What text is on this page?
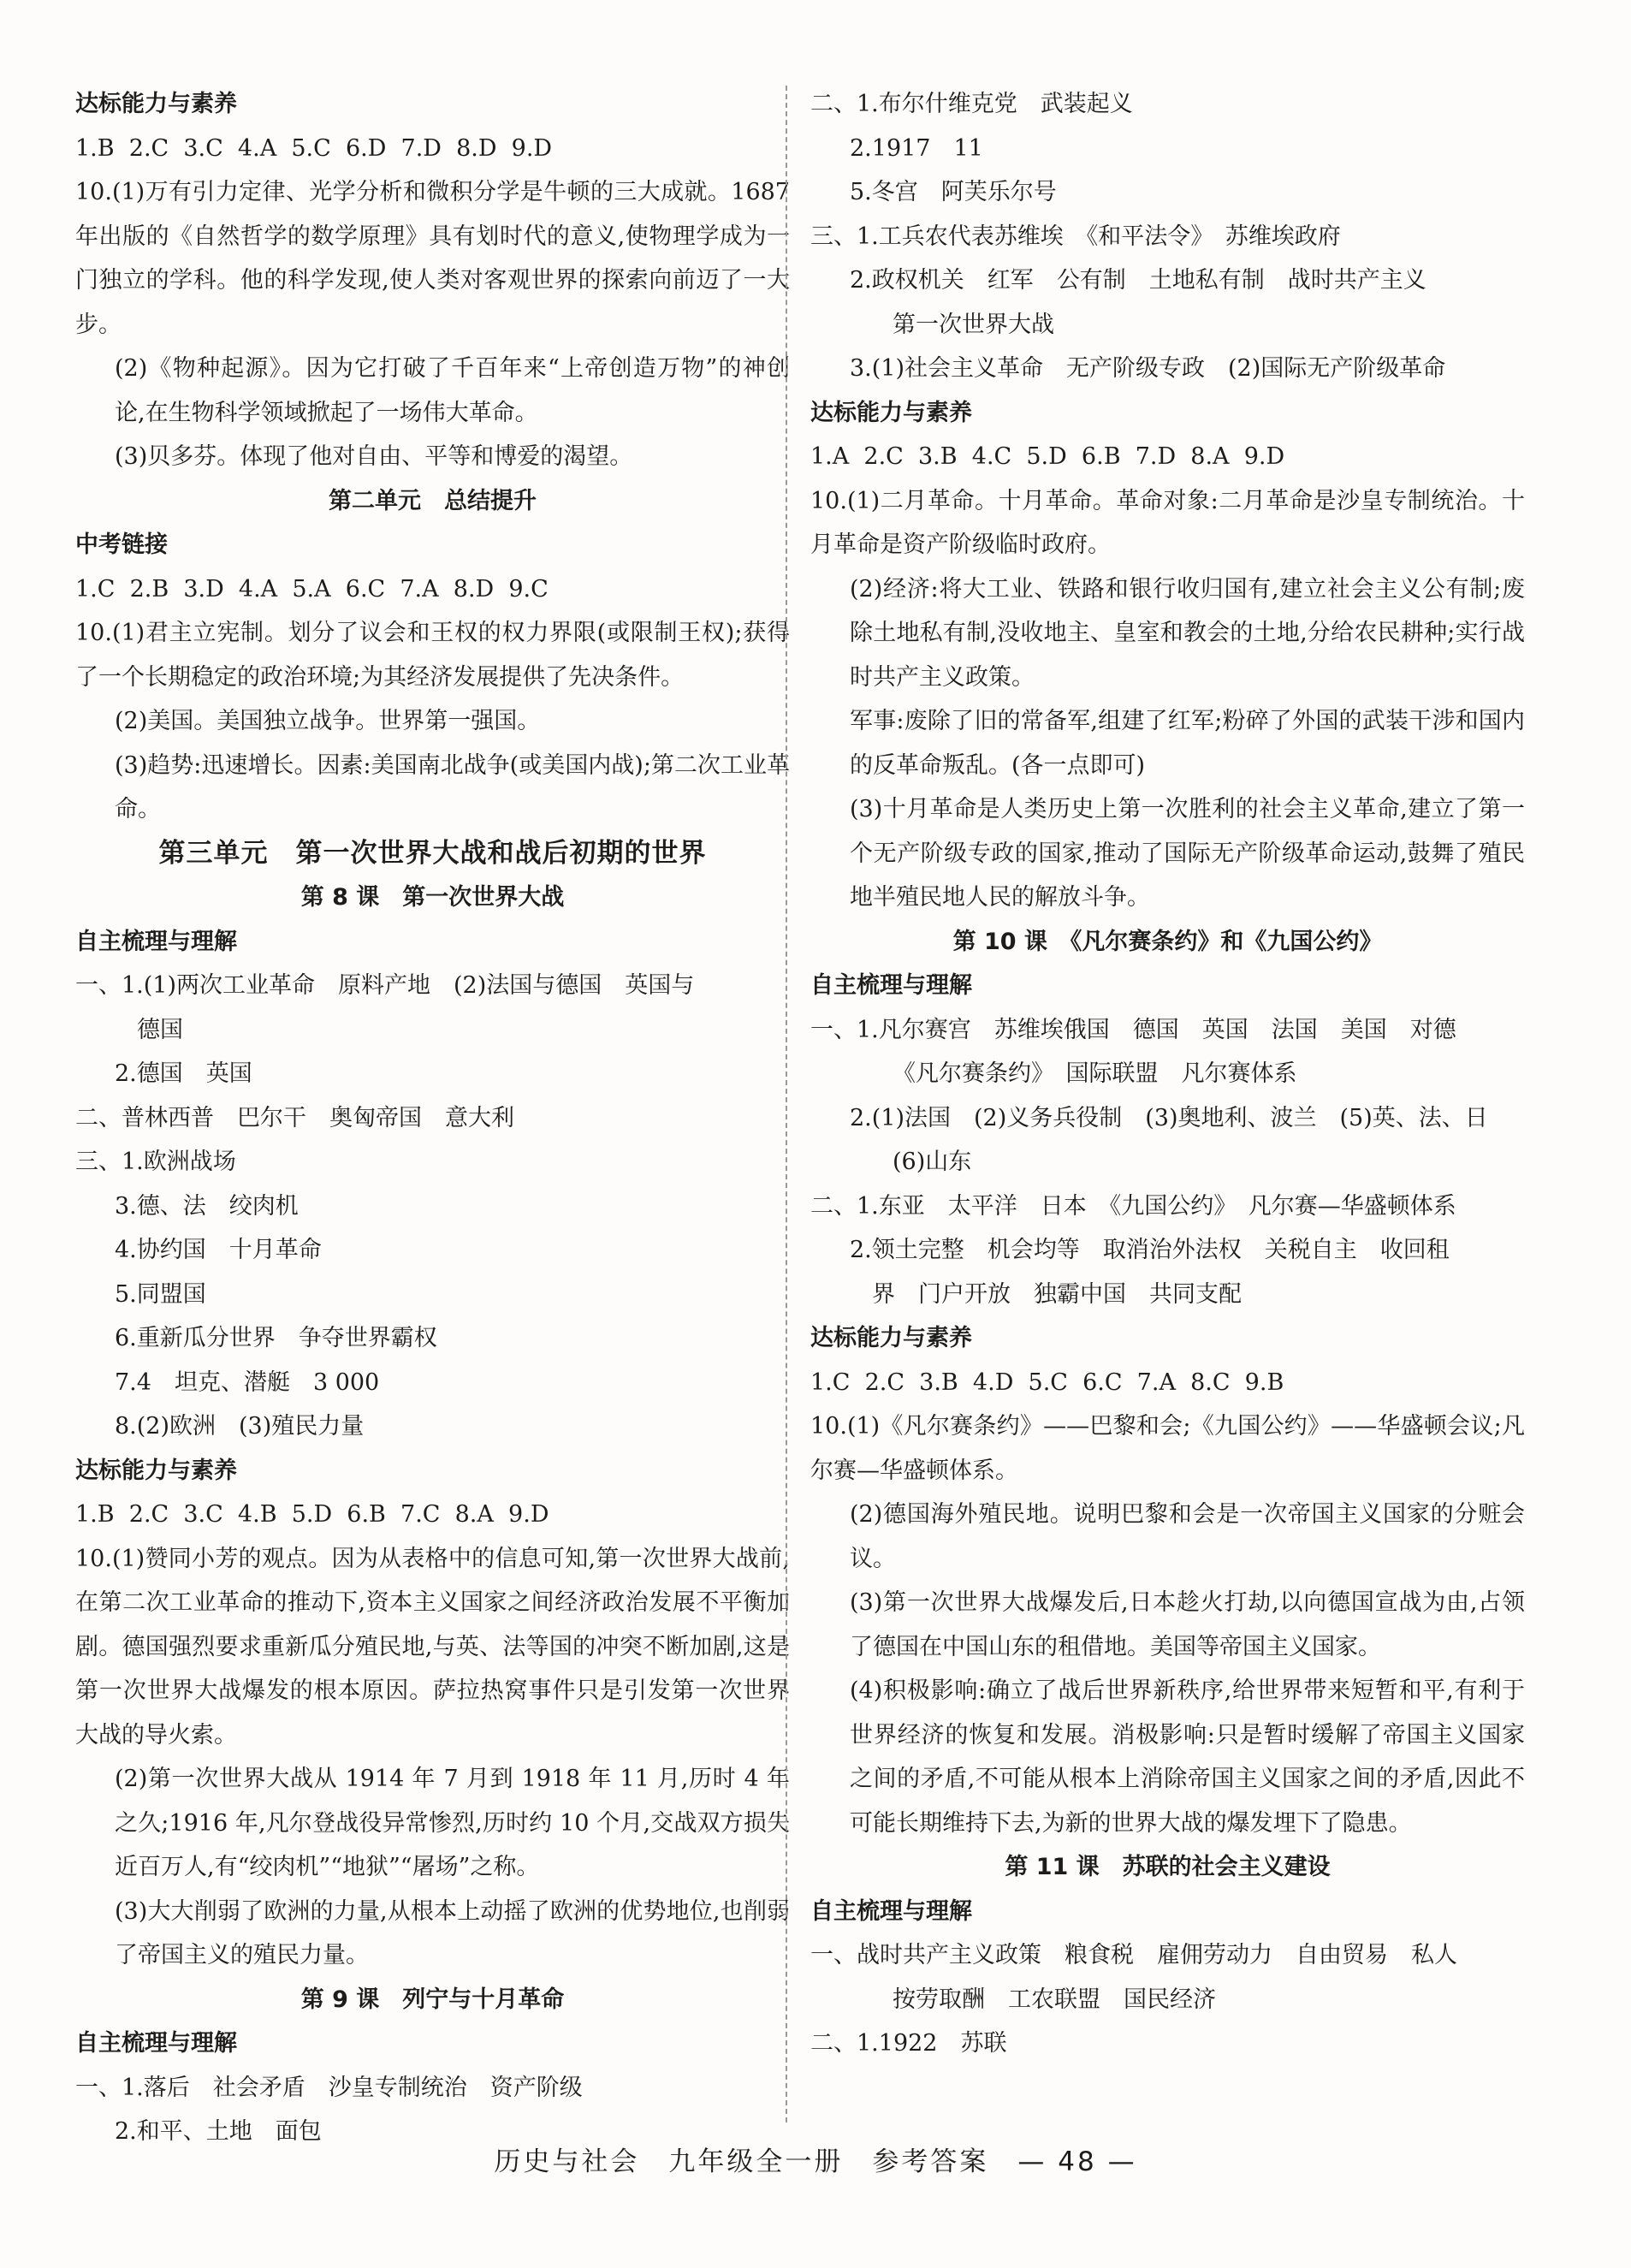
达标能力与素养
1.B  2.C  3.C  4.A  5.C  6.D  7.D  8.D  9.D
10.(1)万有引力定律、光学分析和微积分学是牛顿的三大成就。1687 年出版的《自然哲学的数学原理》具有划时代的意义,使物理学成为一门独立的学科。他的科学发现,使人类对客观世界的探索向前迈了一大步。
(2)《物种起源》。因为它打破了千百年来“上帝创造万物”的神创论,在生物科学领域掀起了一场伟大革命。
(3)贝多芬。体现了他对自由、平等和博爱的渴望。
第二单元　总结提升
中考链接
1.C  2.B  3.D  4.A  5.A  6.C  7.A  8.D  9.C
10.(1)君主立宪制。划分了议会和王权的权力界限(或限制王权);获得了一个长期稳定的政治环境;为其经济发展提供了先决条件。
(2)美国。美国独立战争。世界第一强国。
(3)趋势:迅速增长。因素:美国南北战争(或美国内战);第二次工业革命。
第三单元　第一次世界大战和战后初期的世界
第 8 课　第一次世界大战
自主梳理与理解
一、1.(1)两次工业革命　原料产地　(2)法国与德国　英国与
德国
2.德国　英国
二、普林西普　巴尔干　奥匈帝国　意大利
三、1.欧洲战场
3.德、法　绞肉机
4.协约国　十月革命
5.同盟国
6.重新瓜分世界　争夺世界霸权
7.4　坦克、潜艇　3 000
8.(2)欧洲　(3)殖民力量
达标能力与素养
1.B  2.C  3.C  4.B  5.D  6.B  7.C  8.A  9.D
10.(1)赞同小芳的观点。因为从表格中的信息可知,第一次世界大战前,在第二次工业革命的推动下,资本主义国家之间经济政治发展不平衡加剧。德国强烈要求重新瓜分殖民地,与英、法等国的冲突不断加剧,这是第一次世界大战爆发的根本原因。萨拉热窝事件只是引发第一次世界大战的导火索。
(2)第一次世界大战从 1914 年 7 月到 1918 年 11 月,历时 4 年之久;1916 年,凡尔登战役异常惨烈,历时约 10 个月,交战双方损失近百万人,有“绞肉机”“地狱”“屠场”之称。
(3)大大削弱了欧洲的力量,从根本上动摇了欧洲的优势地位,也削弱了帝国主义的殖民力量。
第 9 课　列宁与十月革命
自主梳理与理解
一、1.落后　社会矛盾　沙皇专制统治　资产阶级
2.和平、土地　面包
二、1.布尔什维克党　武装起义
2.1917　11
5.冬宫　阿芙乐尔号
三、1.工兵农代表苏维埃　《和平法令》　苏维埃政府
2.政权机关　红军　公有制　土地私有制　战时共产主义
第一次世界大战
3.(1)社会主义革命　无产阶级专政　(2)国际无产阶级革命
达标能力与素养
1.A  2.C  3.B  4.C  5.D  6.B  7.D  8.A  9.D
10.(1)二月革命。十月革命。革命对象:二月革命是沙皇专制统治。十月革命是资产阶级临时政府。
(2)经济:将大工业、铁路和银行收归国有,建立社会主义公有制;废除土地私有制,没收地主、皇室和教会的土地,分给农民耕种;实行战时共产主义政策。
军事:废除了旧的常备军,组建了红军;粉碎了外国的武装干涉和国内的反革命叛乱。(各一点即可)
(3)十月革命是人类历史上第一次胜利的社会主义革命,建立了第一个无产阶级专政的国家,推动了国际无产阶级革命运动,鼓舞了殖民地半殖民地人民的解放斗争。
第 10 课　《凡尔赛条约》和《九国公约》
自主梳理与理解
一、1.凡尔赛宫　苏维埃俄国　德国　英国　法国　美国　对德
《凡尔赛条约》　国际联盟　凡尔赛体系
2.(1)法国　(2)义务兵役制　(3)奥地利、波兰　(5)英、法、日
(6)山东
二、1.东亚　太平洋　日本　《九国公约》　凡尔赛—华盛顿体系
2.领土完整　机会均等　取消治外法权　关税自主　收回租
界　门户开放　独霸中国　共同支配
达标能力与素养
1.C  2.C  3.B  4.D  5.C  6.C  7.A  8.C  9.B
10.(1)《凡尔赛条约》——巴黎和会;《九国公约》——华盛顿会议;凡尔赛—华盛顿体系。
(2)德国海外殖民地。说明巴黎和会是一次帝国主义国家的分赃会议。
(3)第一次世界大战爆发后,日本趁火打劫,以向德国宣战为由,占领了德国在中国山东的租借地。美国等帝国主义国家。
(4)积极影响:确立了战后世界新秩序,给世界带来短暂和平,有利于世界经济的恢复和发展。消极影响:只是暂时缓解了帝国主义国家之间的矛盾,不可能从根本上消除帝国主义国家之间的矛盾,因此不可能长期维持下去,为新的世界大战的爆发埋下了隐患。
第 11 课　苏联的社会主义建设
自主梳理与理解
一、战时共产主义政策　粮食税　雇佣劳动力　自由贸易　私人
按劳取酬　工农联盟　国民经济
二、1.1922　苏联
历史与社会　九年级全一册　参考答案　— 48 —
